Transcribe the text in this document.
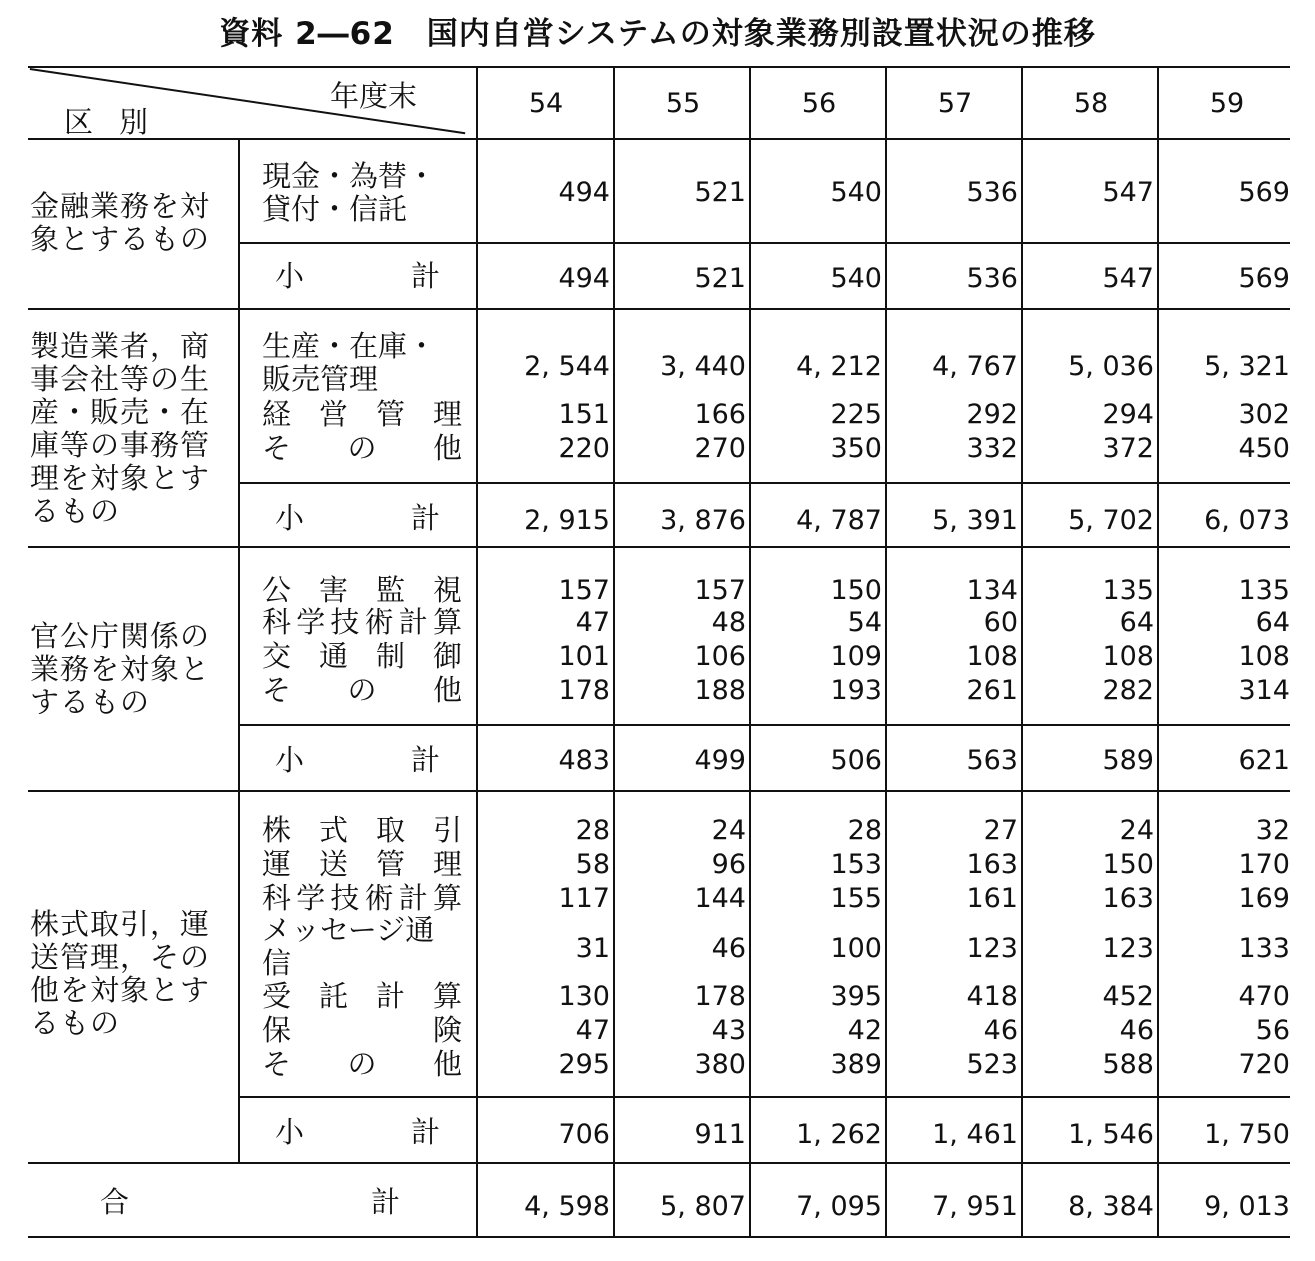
資料 2―62　国内自営システムの対象業務別設置状況の推移
年度末
区別
54	55	56	57	58	59
金融業務を対象とするもの
現金・為替・貸付・信託	494	521	540	536	547	569
小計	494	521	540	536	547	569
製造業者，商事会社等の生産・販売・在庫等の事務管理を対象とするもの
生産・在庫・販売管理	2, 544	3, 440	4, 212	4, 767	5, 036	5, 321
経営管理	151	166	225	292	294	302
その他	220	270	350	332	372	450
小計	2, 915	3, 876	4, 787	5, 391	5, 702	6, 073
官公庁関係の業務を対象とするもの
公害監視	157	157	150	134	135	135
科学技術計算	47	48	54	60	64	64
交通制御	101	106	109	108	108	108
その他	178	188	193	261	282	314
小計	483	499	506	563	589	621
株式取引，運送管理，その他を対象とするもの
株式取引	28	24	28	27	24	32
運送管理	58	96	153	163	150	170
科学技術計算	117	144	155	161	163	169
メッセージ通信	31	46	100	123	123	133
受託計算	130	178	395	418	452	470
保険	47	43	42	46	46	56
その他	295	380	389	523	588	720
小計	706	911	1, 262	1, 461	1, 546	1, 750
合計	4, 598	5, 807	7, 095	7, 951	8, 384	9, 013
